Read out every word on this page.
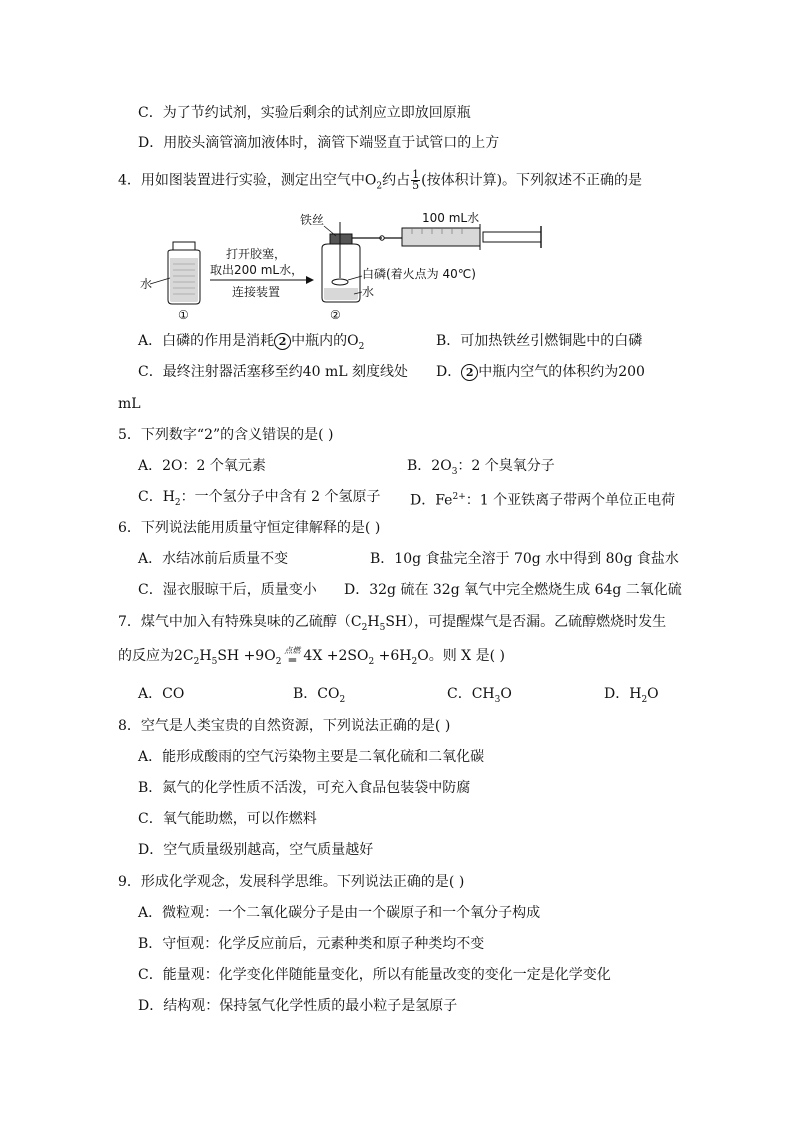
C．为了节约试剂，实验后剩余的试剂应立即放回原瓶
D．用胶头滴管滴加液体时，滴管下端竖直于试管口的上方
4．用如图装置进行实验，测定出空气中$O_2$约占 $\frac{1}{5}$ (按体积计算)。下列叙述不正确的是
水
①
打开胶塞，
取出200 mL水，
连接装置
铁丝
白磷(着火点为 40℃)
水
②
100 mL水
A．白磷的作用是消耗 2 中瓶内的$O_2$	B．可加热铁丝引燃铜匙中的白磷
C．最终注射器活塞移至约40 mL 刻度线处 D． 2 中瓶内空气的体积约为200
mL
5．下列数字“2”的含义错误的是( )
A．2O：2 个氧元素	B．$2O_3$：2 个臭氧分子
C．$H_2$：一个氢分子中含有 2 个氢原子 D．$Fe^{2+}$：1 个亚铁离子带两个单位正电荷
6．下列说法能用质量守恒定律解释的是( )
A．水结冰前后质量不变	B．10g 食盐完全溶于 70g 水中得到 80g 食盐水
C．湿衣服晾干后，质量变小 D．32g 硫在 32g 氧气中完全燃烧生成 64g 二氧化硫
7．煤气中加入有特殊臭味的乙硫醇$(C_2H_5SH)$，可提醒煤气是否漏。乙硫醇燃烧时发生
的反应为$2C_2H_5SH +9O_2$
点燃
═ $4X +2SO_2 +6H_2O$。则 X 是( )
A．CO	B．$CO_2$	C．$CH_3O$	D．$H_2O$
8．空气是人类宝贵的自然资源，下列说法正确的是( )
A．能形成酸雨的空气污染物主要是二氧化硫和二氧化碳
B．氮气的化学性质不活泼，可充入食品包装袋中防腐
C．氧气能助燃，可以作燃料
D．空气质量级别越高，空气质量越好
9．形成化学观念，发展科学思维。下列说法正确的是( )
A．微粒观：一个二氧化碳分子是由一个碳原子和一个氧分子构成
B．守恒观：化学反应前后，元素种类和原子种类均不变
C．能量观：化学变化伴随能量变化，所以有能量改变的变化一定是化学变化
D．结构观：保持氢气化学性质的最小粒子是氢原子
